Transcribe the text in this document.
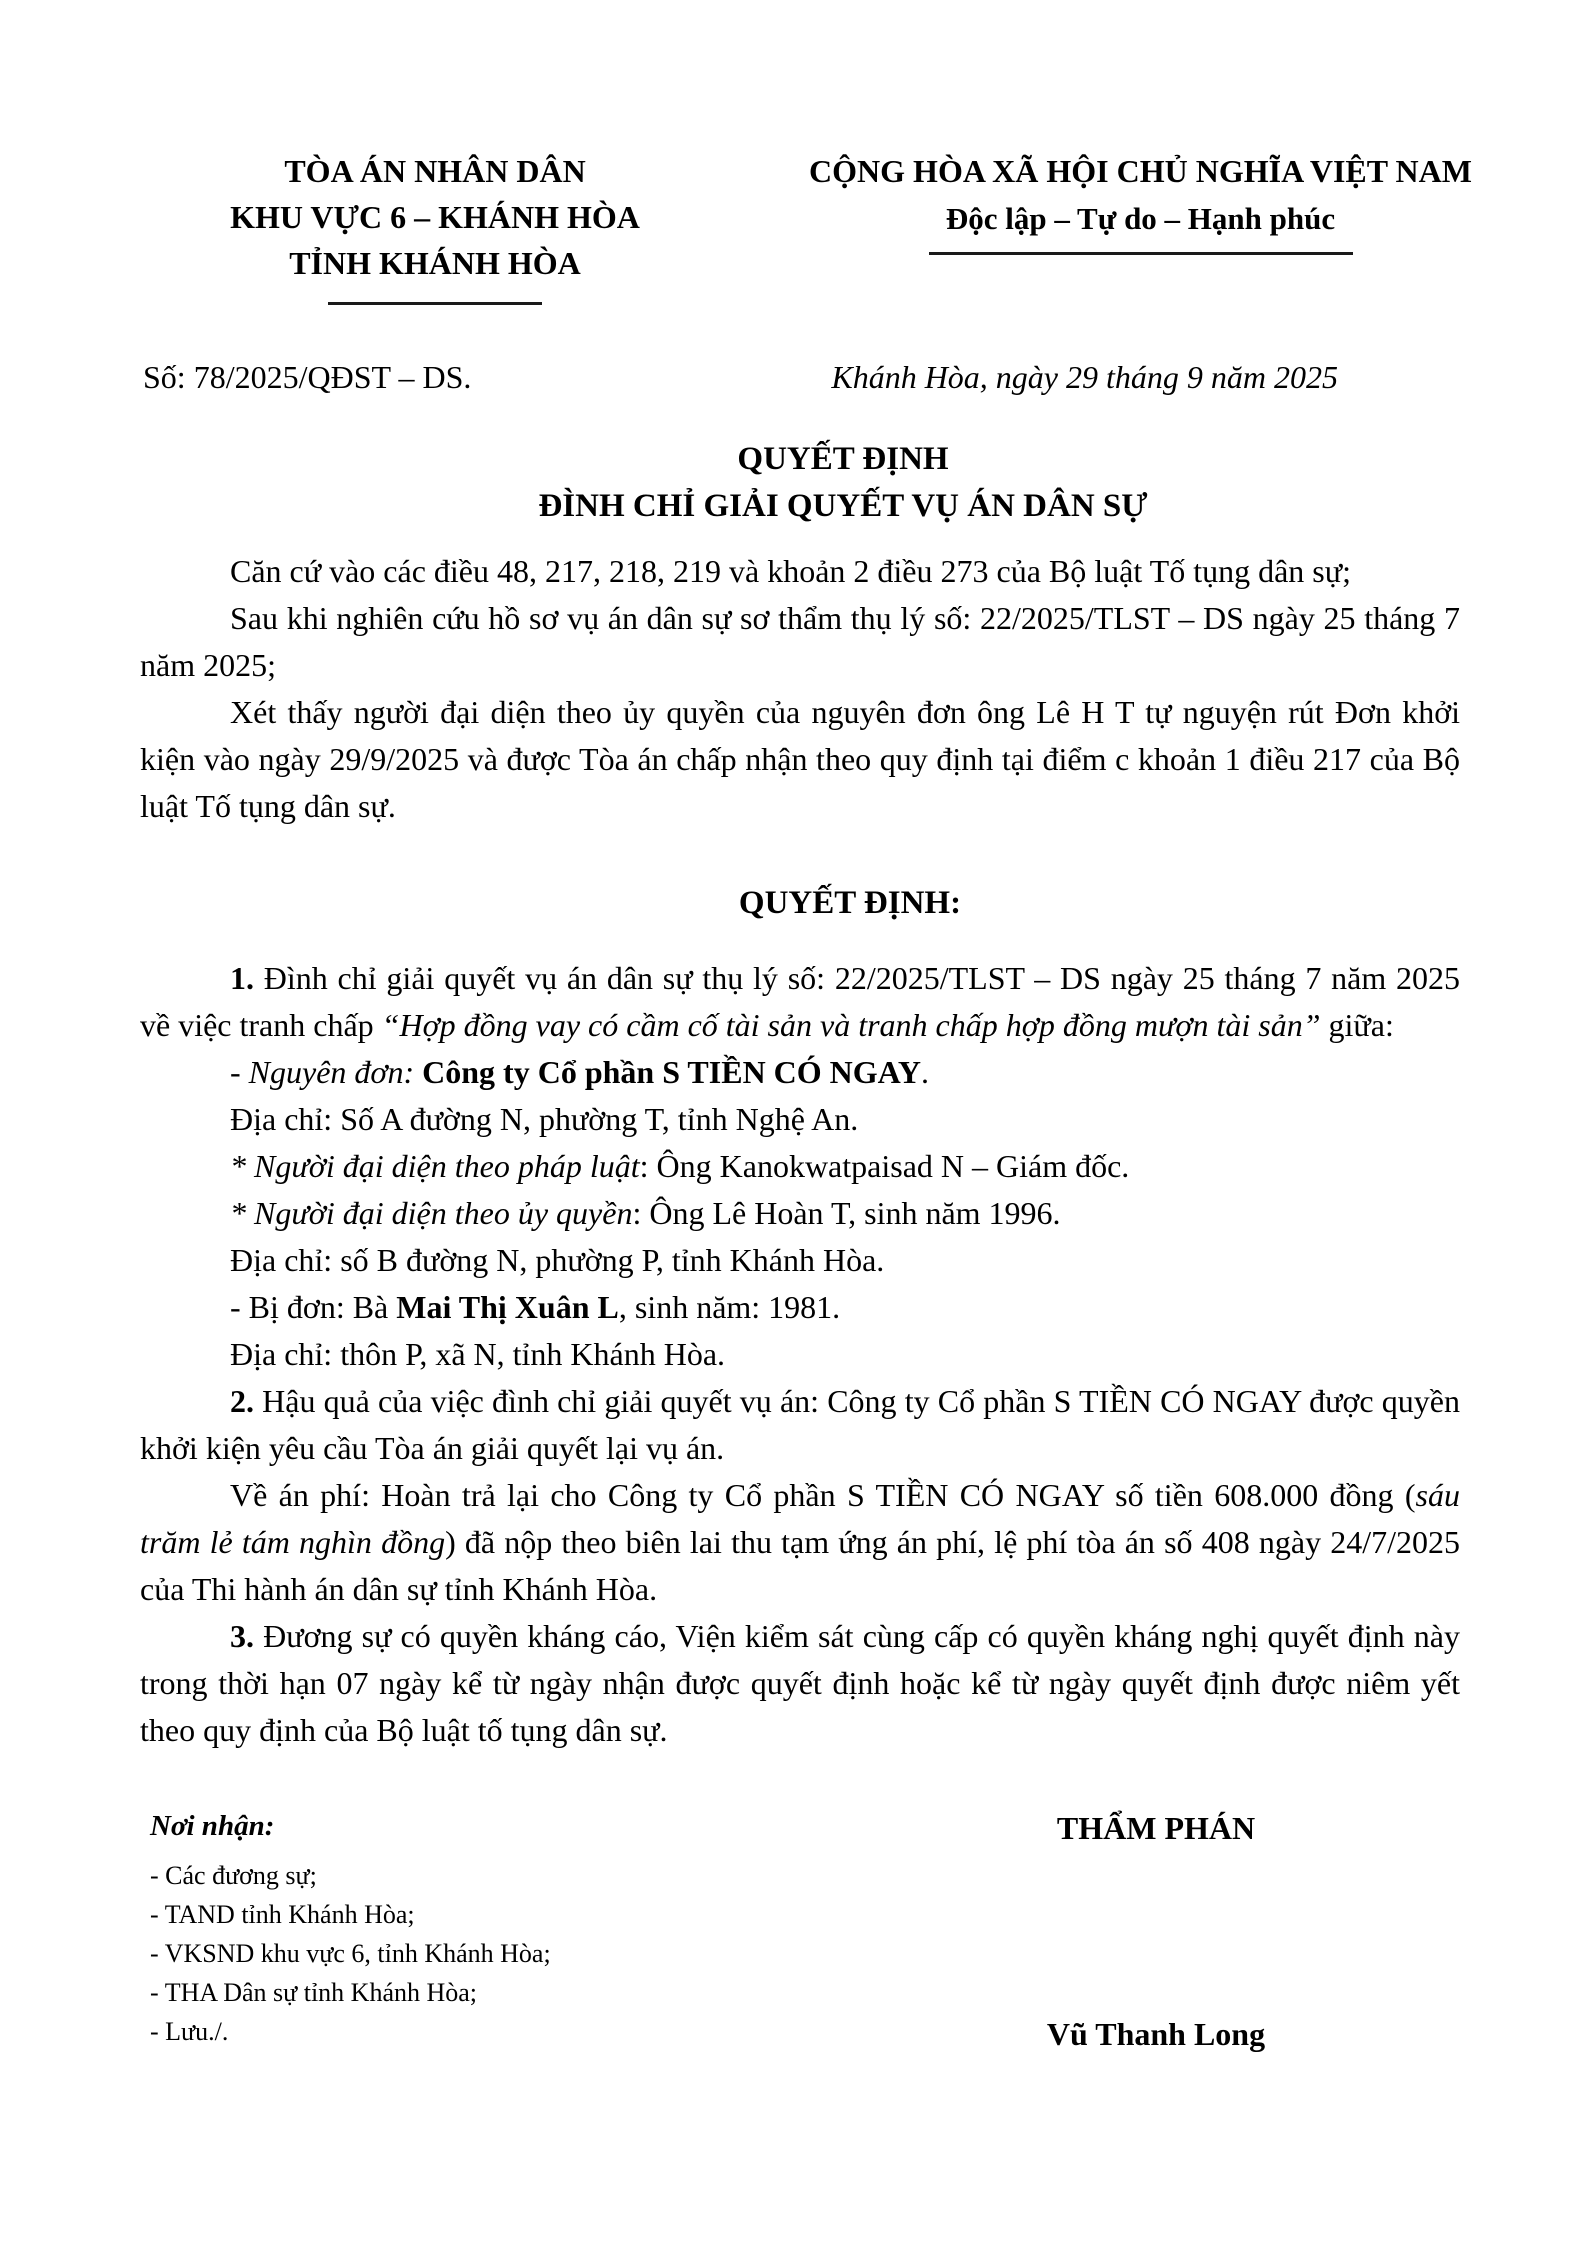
TÒA ÁN NHÂN DÂN
KHU VỰC 6 – KHÁNH HÒA
TỈNH KHÁNH HÒA
CỘNG HÒA XÃ HỘI CHỦ NGHĨA VIỆT NAM
Độc lập – Tự do – Hạnh phúc
Số: 78/2025/QĐST – DS.	Khánh Hòa, ngày 29 tháng 9 năm 2025
QUYẾT ĐỊNH
ĐÌNH CHỈ GIẢI QUYẾT VỤ ÁN DÂN SỰ

Căn cứ vào các điều 48, 217, 218, 219 và khoản 2 điều 273 của Bộ luật Tố tụng dân sự;

Sau khi nghiên cứu hồ sơ vụ án dân sự sơ thẩm thụ lý số: 22/2025/TLST – DS ngày 25 tháng 7 năm 2025;

Xét thấy người đại diện theo ủy quyền của nguyên đơn ông Lê H T tự nguyện rút Đơn khởi kiện vào ngày 29/9/2025 và được Tòa án chấp nhận theo quy định tại điểm c khoản 1 điều 217 của Bộ luật Tố tụng dân sự.

QUYẾT ĐỊNH:

1. Đình chỉ giải quyết vụ án dân sự thụ lý số: 22/2025/TLST – DS ngày 25 tháng 7 năm 2025 về việc tranh chấp “Hợp đồng vay có cầm cố tài sản và tranh chấp hợp đồng mượn tài sản” giữa:

- Nguyên đơn: Công ty Cổ phần S TIỀN CÓ NGAY.

Địa chỉ: Số A đường N, phường T, tỉnh Nghệ An.

* Người đại diện theo pháp luật: Ông Kanokwatpaisad N – Giám đốc.

* Người đại diện theo ủy quyền: Ông Lê Hoàn T, sinh năm 1996.

Địa chỉ: số B đường N, phường P, tỉnh Khánh Hòa.

- Bị đơn: Bà Mai Thị Xuân L, sinh năm: 1981.

Địa chỉ: thôn P, xã N, tỉnh Khánh Hòa.

2. Hậu quả của việc đình chỉ giải quyết vụ án: Công ty Cổ phần S TIỀN CÓ NGAY được quyền khởi kiện yêu cầu Tòa án giải quyết lại vụ án.

Về án phí: Hoàn trả lại cho Công ty Cổ phần S TIỀN CÓ NGAY số tiền 608.000 đồng (sáu trăm lẻ tám nghìn đồng) đã nộp theo biên lai thu tạm ứng án phí, lệ phí tòa án số 408 ngày 24/7/2025 của Thi hành án dân sự tỉnh Khánh Hòa.

3. Đương sự có quyền kháng cáo, Viện kiểm sát cùng cấp có quyền kháng nghị quyết định này trong thời hạn 07 ngày kể từ ngày nhận được quyết định hoặc kể từ ngày quyết định được niêm yết theo quy định của Bộ luật tố tụng dân sự.

Nơi nhận:
- Các đương sự;
- TAND tỉnh Khánh Hòa;
- VKSND khu vực 6, tỉnh Khánh Hòa;
- THA Dân sự tỉnh Khánh Hòa;
- Lưu./.
THẨM PHÁN
Vũ Thanh Long
